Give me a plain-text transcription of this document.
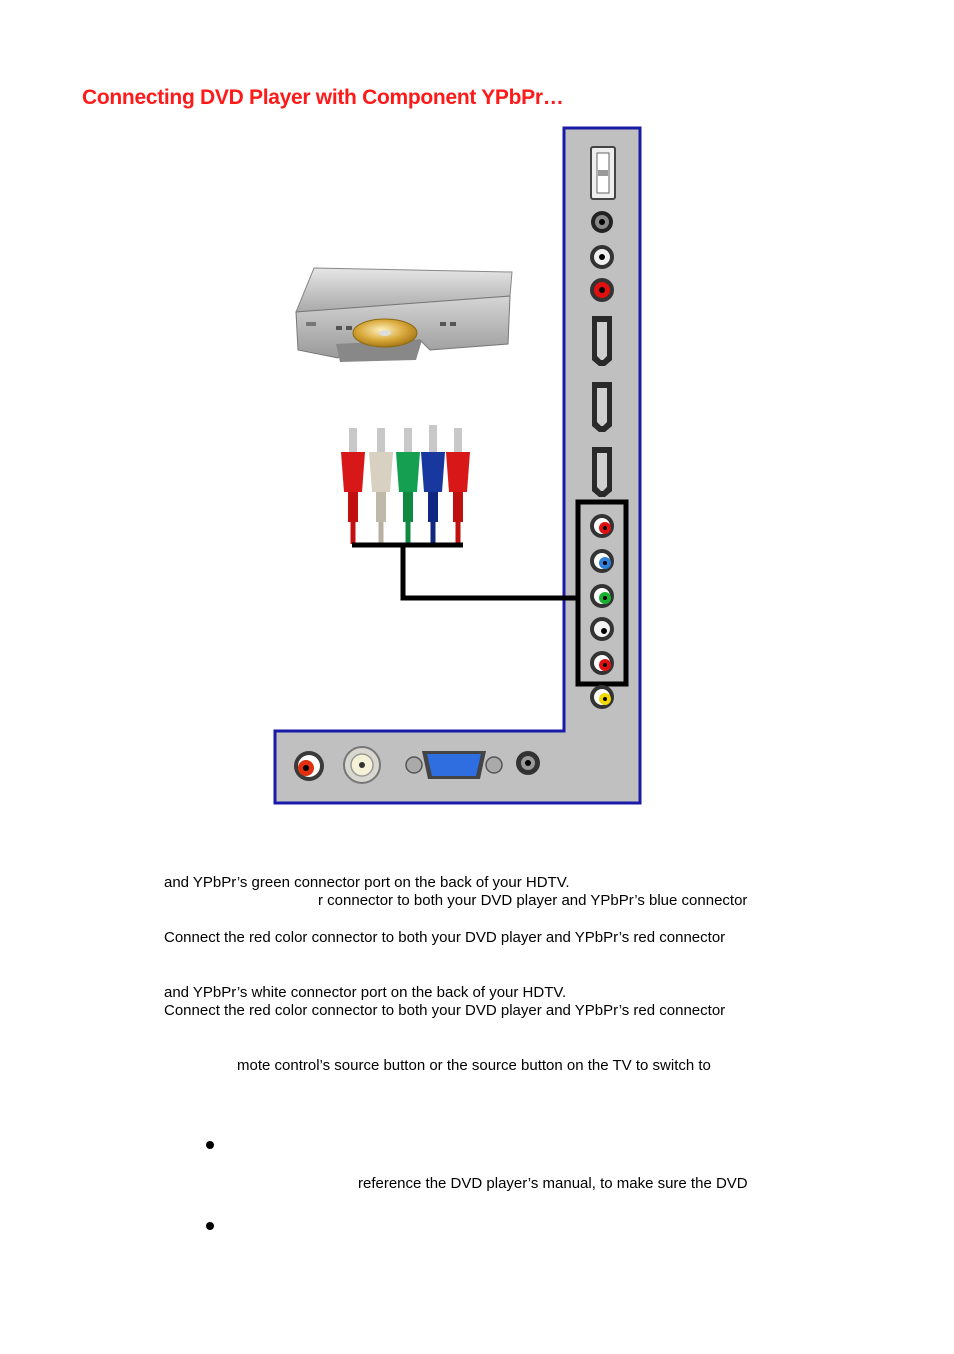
Connecting DVD Player with Component YPbPr…
and YPbPr’s green connector port on the back of your HDTV.
r connector to both your DVD player and YPbPr’s blue connector
Connect the red color connector to both your DVD player and YPbPr’s red connector
and YPbPr’s white connector port on the back of your HDTV.
Connect the red color connector to both your DVD player and YPbPr’s red connector
mote control’s source button or the source button on the TV to switch to
reference the DVD player’s manual, to make sure the DVD
